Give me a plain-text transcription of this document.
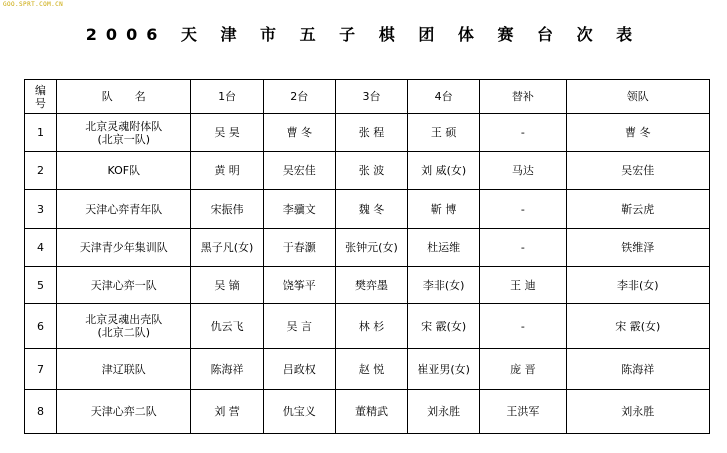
GOO.SPRT.COM.CN
2006 天 津 市 五 子 棋 团 体 赛 台 次 表
编
号	队　　名	1台	2台	3台	4台	替补	领队
1	北京灵魂附体队
(北京一队)	吴 昊	曹 冬	张 程	王 硕	-	曹 冬
2	KOF队	黄 明	吴宏佳	张 波	刘 威(女)	马达	吴宏佳
3	天津心弈青年队	宋振伟	李骥文	魏 冬	靳 博	-	靳云虎
4	天津青少年集训队	黑子凡(女)	于春灏	张钟元(女)	杜运维	-	铁维泽
5	天津心弈一队	吴 镝	饶筝平	樊弈墨	李非(女)	王 迪	李非(女)
6	北京灵魂出壳队
(北京二队)	仇云飞	吴 言	林 杉	宋 霰(女)	-	宋 霰(女)
7	津辽联队	陈海祥	吕政权	赵 悦	崔亚男(女)	庞 晋	陈海祥
8	天津心弈二队	刘 营	仇宝义	董精武	刘永胜	王洪军	刘永胜
